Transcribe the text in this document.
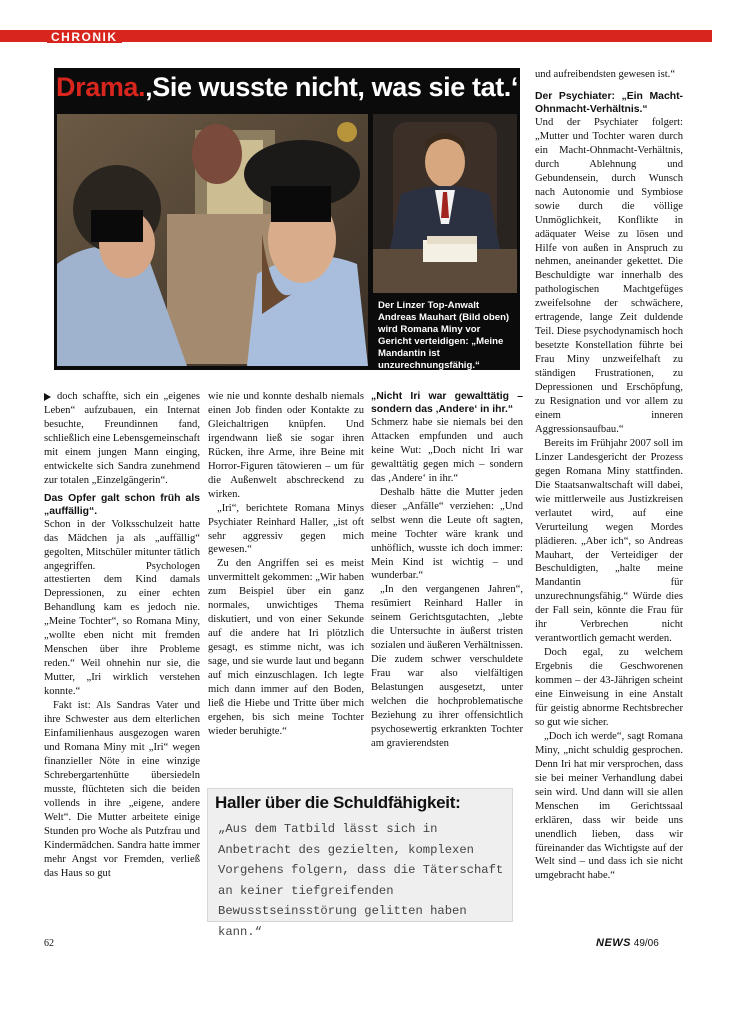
CHRONIK
Drama.‚Sie wusste nicht, was sie tat.‘
Der Linzer Top-Anwalt Andreas Mauhart (Bild oben) wird Romana Miny vor Gericht verteidigen: „Meine Mandantin ist unzurechnungsfähig.“

doch schaffte, sich ein „eigenes Leben“ aufzubauen, ein Internat besuchte, Freundinnen fand, schließlich eine Lebensgemeinschaft mit einem jungen Mann einging, entwickelte sich Sandra zunehmend zur totalen „Einzelgängerin“.

Das Opfer galt schon früh als „auffällig“.

Schon in der Volksschulzeit hatte das Mädchen ja als „auffällig“ gegolten, Mitschüler mitunter tätlich angegriffen. Psychologen attestierten dem Kind damals Depressionen, zu einer echten Behandlung kam es jedoch nie. „Meine Tochter“, so Romana Miny, „wollte eben nicht mit fremden Menschen über ihre Probleme reden.“ Weil ohnehin nur sie, die Mutter, „Iri wirklich verstehen konnte.“

Fakt ist: Als Sandras Vater und ihre Schwester aus dem elterlichen Einfamilienhaus ausgezogen waren und Romana Miny mit „Iri“ wegen finanzieller Nöte in eine winzige Schrebergartenhütte übersiedeln musste, flüchteten sich die beiden vollends in ihre „eigene, andere Welt“. Die Mutter arbeitete einige Stunden pro Woche als Putzfrau und Kindermädchen. Sandra hatte immer mehr Angst vor Fremden, verließ das Haus so gut

wie nie und konnte deshalb niemals einen Job finden oder Kontakte zu Gleichaltrigen knüpfen. Und irgendwann ließ sie sogar ihren Rücken, ihre Arme, ihre Beine mit Horror-Figuren tätowieren – um für die Außenwelt abschreckend zu wirken.

„Iri“, berichtete Romana Minys Psychiater Reinhard Haller, „ist oft sehr aggressiv gegen mich gewesen.“

Zu den Angriffen sei es meist unvermittelt gekommen: „Wir haben zum Beispiel über ein ganz normales, unwichtiges Thema diskutiert, und von einer Sekunde auf die andere hat Iri plötzlich gesagt, es stimme nicht, was ich sage, und sie wurde laut und begann auf mich einzuschlagen. Ich legte mich dann immer auf den Boden, ließ die Hiebe und Tritte über mich ergehen, bis sich meine Tochter wieder beruhigte.“

„Nicht Iri war gewalttätig – sondern das ‚Andere‘ in ihr.“

Schmerz habe sie niemals bei den Attacken empfunden und auch keine Wut: „Doch nicht Iri war gewalttätig gegen mich – sondern das ‚Andere‘ in ihr.“

Deshalb hätte die Mutter jeden dieser „Anfälle“ verziehen: „Und selbst wenn die Leute oft sagten, meine Tochter wäre krank und unhöflich, wusste ich doch immer: Mein Kind ist wichtig – und wunderbar.“

„In den vergangenen Jahren“, resümiert Reinhard Haller in seinem Gerichtsgutachten, „lebte die Untersuchte in äußerst tristen sozialen und äußeren Verhältnissen. Die zudem schwer verschuldete Frau war also vielfältigen Belastungen ausgesetzt, unter welchen die hochproblematische Beziehung zu ihrer offensichtlich psychosewertig erkrankten Tochter am gravierendsten

und aufreibendsten gewesen ist.“

Der Psychiater: „Ein Macht-Ohnmacht-Verhältnis.“

Und der Psychiater folgert: „Mutter und Tochter waren durch ein Macht-Ohnmacht-Verhältnis, durch Ablehnung und Gebundensein, durch Wunsch nach Autonomie und Symbiose sowie durch die völlige Unmöglichkeit, Konflikte in adäquater Weise zu lösen und Hilfe von außen in Anspruch zu nehmen, aneinander gekettet. Die Beschuldigte war innerhalb des pathologischen Machtgefüges zweifelsohne der schwächere, ertragende, lange Zeit duldende Teil. Diese psychodynamisch hoch besetzte Konstellation führte bei Frau Miny unzweifelhaft zu ständigen Frustrationen, zu Depressionen und Erschöpfung, zu Resignation und vor allem zu einem inneren Aggressionsaufbau.“

Bereits im Frühjahr 2007 soll im Linzer Landesgericht der Prozess gegen Romana Miny stattfinden. Die Staatsanwaltschaft will dabei, wie mittlerweile aus Justizkreisen verlautet wird, auf eine Verurteilung wegen Mordes plädieren. „Aber ich“, so Andreas Mauhart, der Verteidiger der Beschuldigten, „halte meine Mandantin für unzurechnungsfähig.“ Würde dies der Fall sein, könnte die Frau für ihr Verbrechen nicht verantwortlich gemacht werden.

Doch egal, zu welchem Ergebnis die Geschworenen kommen – der 43-Jährigen scheint eine Einweisung in eine Anstalt für geistig abnorme Rechtsbrecher so gut wie sicher.

„Doch ich werde“, sagt Romana Miny, „nicht schuldig gesprochen. Denn Iri hat mir versprochen, dass sie bei meiner Verhandlung dabei sein wird. Und dann will sie allen Menschen im Gerichtssaal erklären, dass wir beide uns unendlich lieben, dass wir füreinander das Wichtigste auf der Welt sind – und dass ich sie nicht umgebracht habe.“

Haller über die Schuldfähigkeit:
„Aus dem Tatbild lässt sich in Anbetracht des gezielten, komplexen Vorgehens folgern, dass die Täterschaft an keiner tiefgreifenden Bewusstseinsstörung gelitten haben kann.“
62	NEWS 49/06
